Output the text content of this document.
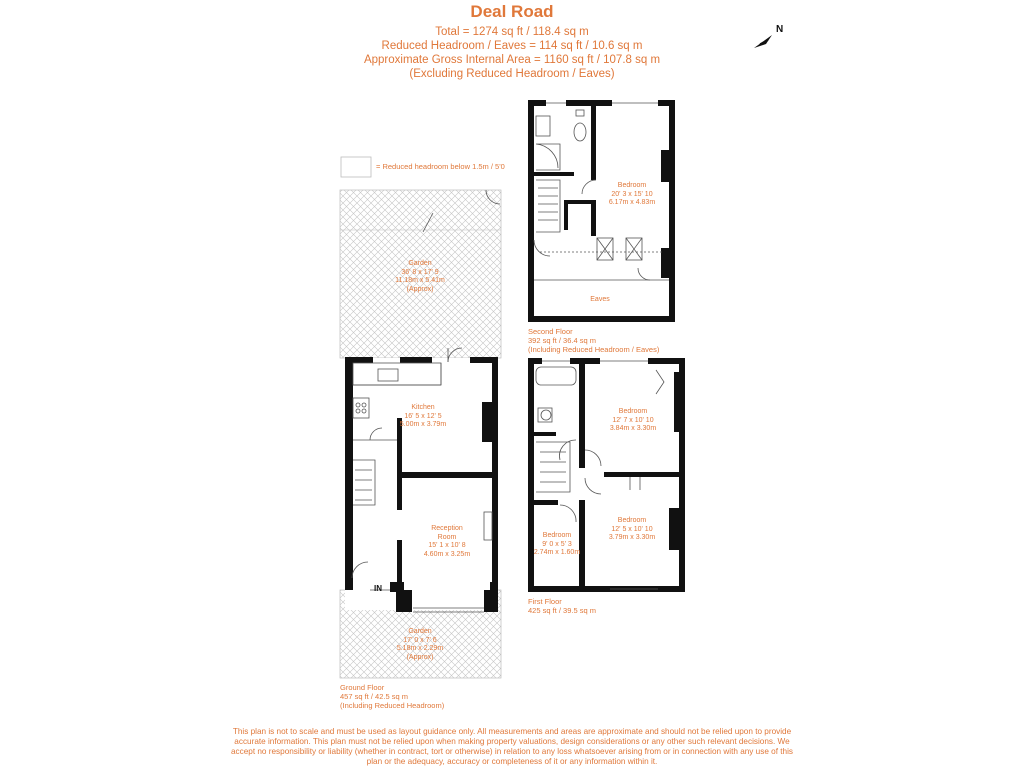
Deal Road
Total = 1274 sq ft / 118.4 sq m
Reduced Headroom / Eaves = 114 sq ft / 10.6 sq m
Approximate Gross Internal Area = 1160 sq ft / 107.8 sq m
(Excluding Reduced Headroom / Eaves)
= Reduced headroom below 1.5m / 5'0
N
Garden
36' 8 x 17' 9
11.18m x 5.41m
(Approx)
Kitchen
16' 5 x 12' 5
5.00m x 3.79m
Reception
Room
15' 1 x 10' 8
4.60m x 3.25m
Garden
17' 0 x 7' 6
5.18m x 2.29m
(Approx)
IN
Bedroom
20' 3 x 15' 10
6.17m x 4.83m
Eaves
Bedroom
12' 7 x 10' 10
3.84m x 3.30m
Bedroom
9' 0 x 5' 3
2.74m x 1.60m
Bedroom
12' 5 x 10' 10
3.79m x 3.30m
Second Floor
392 sq ft / 36.4 sq m
(Including Reduced Headroom / Eaves)
First Floor
425 sq ft / 39.5 sq m
Ground Floor
457 sq ft / 42.5 sq m
(Including Reduced Headroom)
This plan is not to scale and must be used as layout guidance only. All measurements and areas are approximate and should not be relied upon to provide accurate information. This plan must not be relied upon when making property valuations, design considerations or any other such relevant decisions. We accept no responsibility or liability (whether in contract, tort or otherwise) in relation to any loss whatsoever arising from or in connection with any use of this plan or the adequacy, accuracy or completeness of it or any information within it.
